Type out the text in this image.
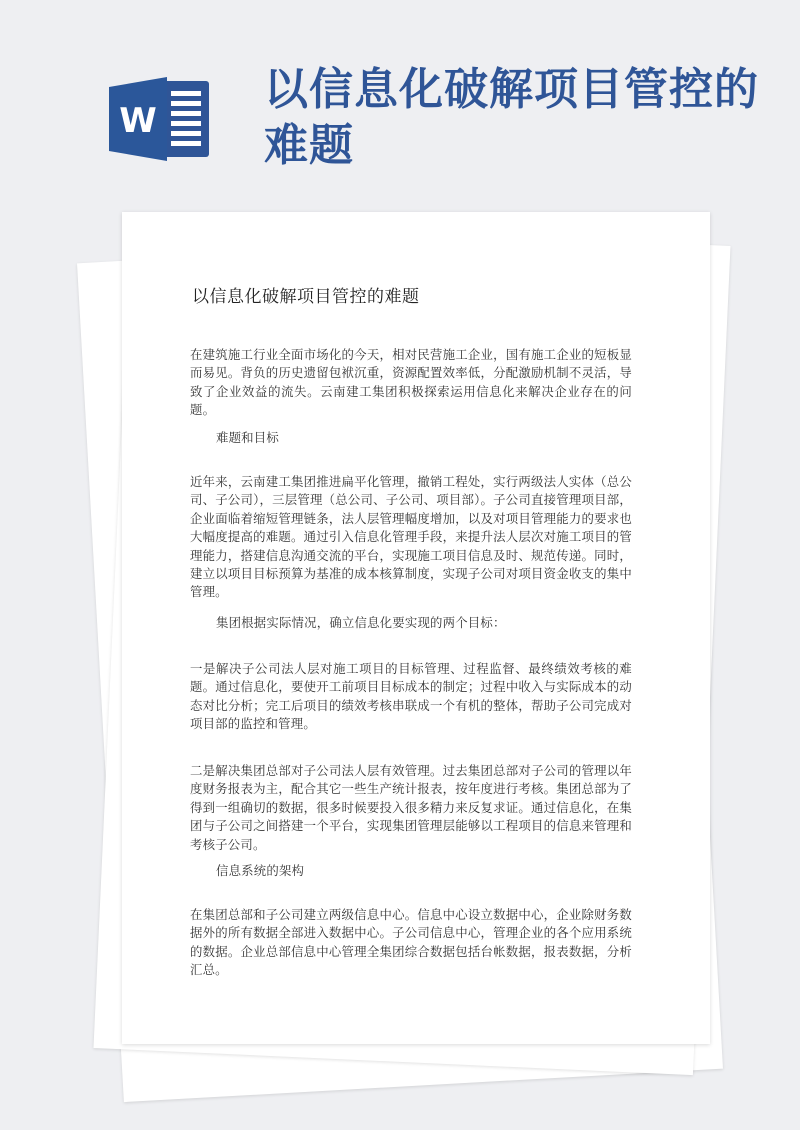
W
以信息化破解项目管控的难题
以信息化破解项目管控的难题
在建筑施工行业全面市场化的今天，相对民营施工企业，国有施工企业的短板显而易见。背负的历史遗留包袱沉重，资源配置效率低，分配激励机制不灵活，导致了企业效益的流失。云南建工集团积极探索运用信息化来解决企业存在的问题。
难题和目标
近年来，云南建工集团推进扁平化管理，撤销工程处，实行两级法人实体（总公司、子公司），三层管理（总公司、子公司、项目部）。子公司直接管理项目部，企业面临着缩短管理链条，法人层管理幅度增加，以及对项目管理能力的要求也大幅度提高的难题。通过引入信息化管理手段，来提升法人层次对施工项目的管理能力，搭建信息沟通交流的平台，实现施工项目信息及时、规范传递。同时，建立以项目目标预算为基准的成本核算制度，实现子公司对项目资金收支的集中管理。
集团根据实际情况，确立信息化要实现的两个目标：
一是解决子公司法人层对施工项目的目标管理、过程监督、最终绩效考核的难题。通过信息化，要使开工前项目目标成本的制定；过程中收入与实际成本的动态对比分析；完工后项目的绩效考核串联成一个有机的整体，帮助子公司完成对项目部的监控和管理。
二是解决集团总部对子公司法人层有效管理。过去集团总部对子公司的管理以年度财务报表为主，配合其它一些生产统计报表，按年度进行考核。集团总部为了得到一组确切的数据，很多时候要投入很多精力来反复求证。通过信息化，在集团与子公司之间搭建一个平台，实现集团管理层能够以工程项目的信息来管理和考核子公司。
信息系统的架构
在集团总部和子公司建立两级信息中心。信息中心设立数据中心，企业除财务数据外的所有数据全部进入数据中心。子公司信息中心，管理企业的各个应用系统的数据。企业总部信息中心管理全集团综合数据包括台帐数据，报表数据，分析汇总。
